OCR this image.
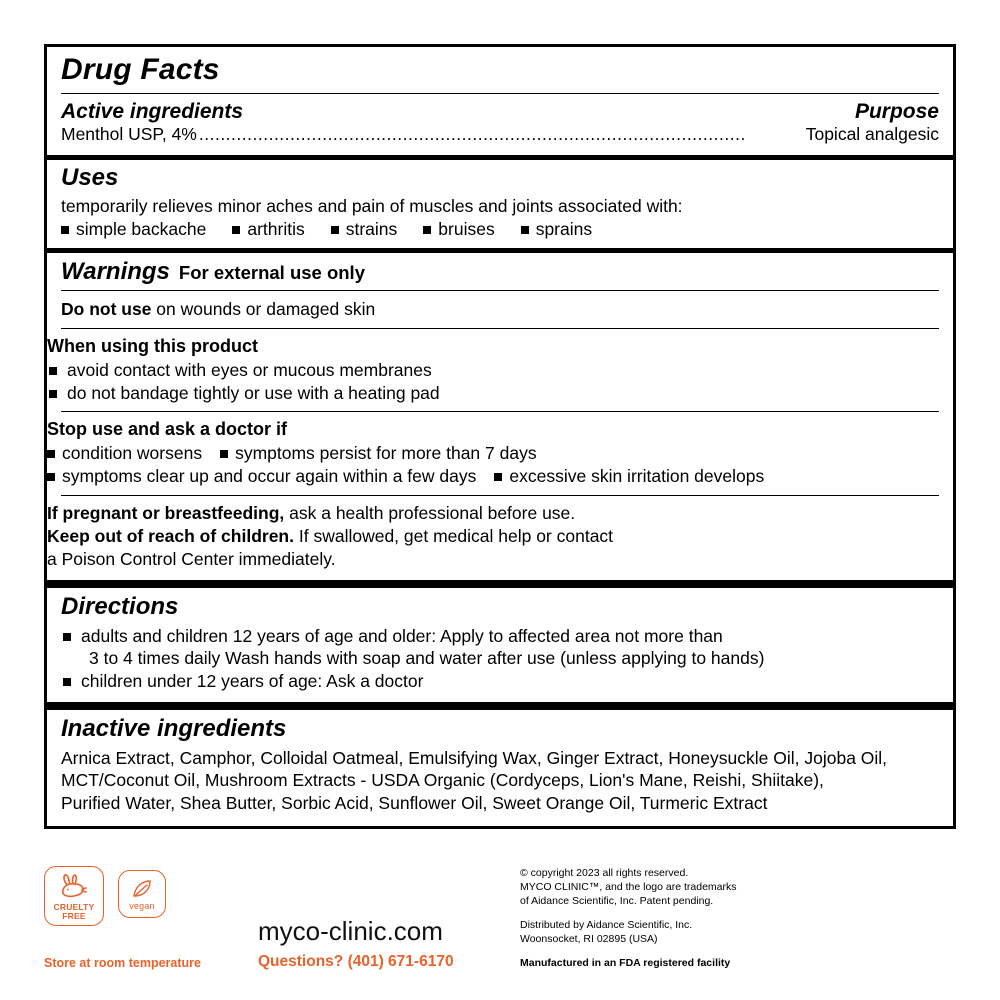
Drug Facts
Active ingredients	Purpose
Menthol USP, 4% ......................................................................................................	Topical analgesic
Uses
temporarily relieves minor aches and pain of muscles and joints associated with:
simple backache	arthritis	strains	bruises	sprains
Warnings For external use only
Do not use on wounds or damaged skin
When using this product
avoid contact with eyes or mucous membranes
do not bandage tightly or use with a heating pad
Stop use and ask a doctor if
condition worsens	symptoms persist for more than 7 days
symptoms clear up and occur again within a few days	excessive skin irritation develops
If pregnant or breastfeeding, ask a health professional before use.
Keep out of reach of children. If swallowed, get medical help or contact
a Poison Control Center immediately.
Directions
adults and children 12 years of age and older: Apply to affected area not more than
3 to 4 times daily Wash hands with soap and water after use (unless applying to hands)
children under 12 years of age: Ask a doctor
Inactive ingredients
Arnica Extract, Camphor, Colloidal Oatmeal, Emulsifying Wax, Ginger Extract, Honeysuckle Oil, Jojoba Oil,
MCT/Coconut Oil, Mushroom Extracts - USDA Organic (Cordyceps, Lion's Mane, Reishi, Shiitake),
Purified Water, Shea Butter, Sorbic Acid, Sunflower Oil, Sweet Orange Oil, Turmeric Extract
CRUELTY
FREE
vegan
Store at room temperature
myco-clinic.com
Questions? (401) 671-6170
© copyright 2023 all rights reserved.
MYCO CLINIC™, and the logo are trademarks
of Aidance Scientific, Inc. Patent pending.
Distributed by Aidance Scientific, Inc.
Woonsocket, RI 02895 (USA)
Manufactured in an FDA registered facility
